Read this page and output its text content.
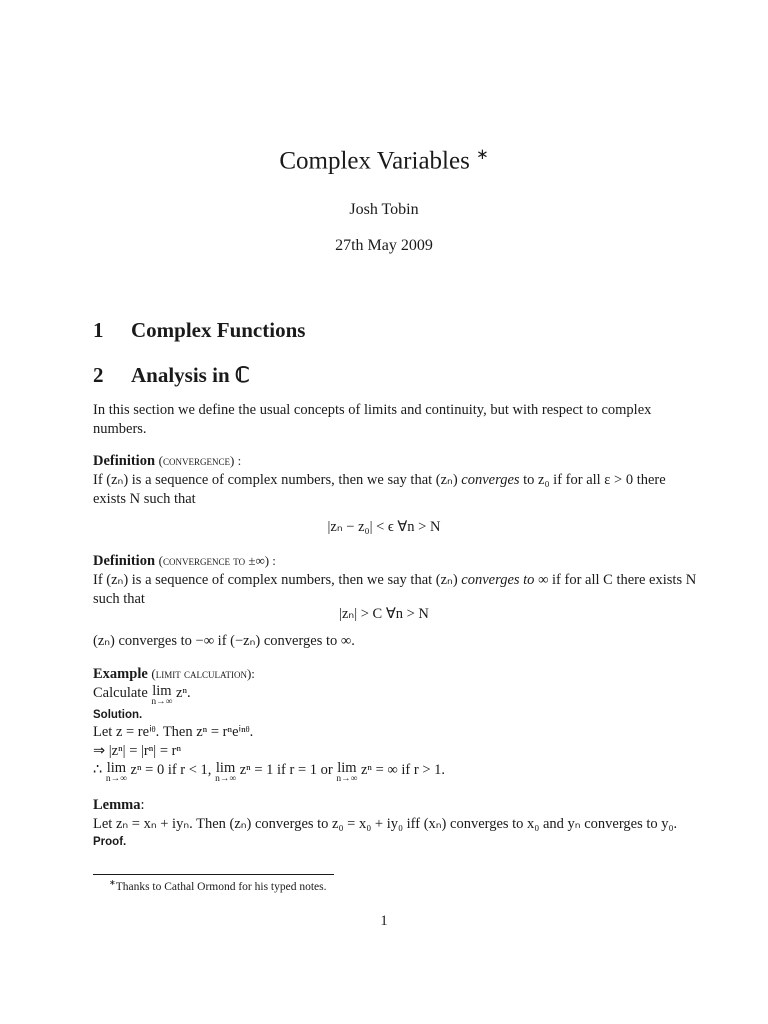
Complex Variables ∗
Josh Tobin
27th May 2009
1 Complex Functions
2 Analysis in ℂ
In this section we define the usual concepts of limits and continuity, but with respect to complex numbers.
Definition (convergence) :
If (zₙ) is a sequence of complex numbers, then we say that (zₙ) converges to z₀ if for all ε > 0 there exists N such that
|zₙ − z₀| < ϵ ∀n > N
Definition (convergence to ±∞) :
If (zₙ) is a sequence of complex numbers, then we say that (zₙ) converges to ∞ if for all C there exists N such that
|zₙ| > C ∀n > N
(zₙ) converges to −∞ if (−zₙ) converges to ∞.
Example (limit calculation):
Calculate lim
n→∞
zⁿ.
Solution.
Let z = reⁱᶿ. Then zⁿ = rⁿeⁱⁿᶿ.
⇒ |zⁿ| = |rⁿ| = rⁿ
∴ lim
n→∞
zⁿ = 0 if r < 1, lim
n→∞
zⁿ = 1 if r = 1 or lim
n→∞
zⁿ = ∞ if r > 1.
Lemma:
Let zₙ = xₙ + iyₙ. Then (zₙ) converges to z₀ = x₀ + iy₀ iff (xₙ) converges to x₀ and yₙ converges to y₀.
Proof.
∗Thanks to Cathal Ormond for his typed notes.
1
